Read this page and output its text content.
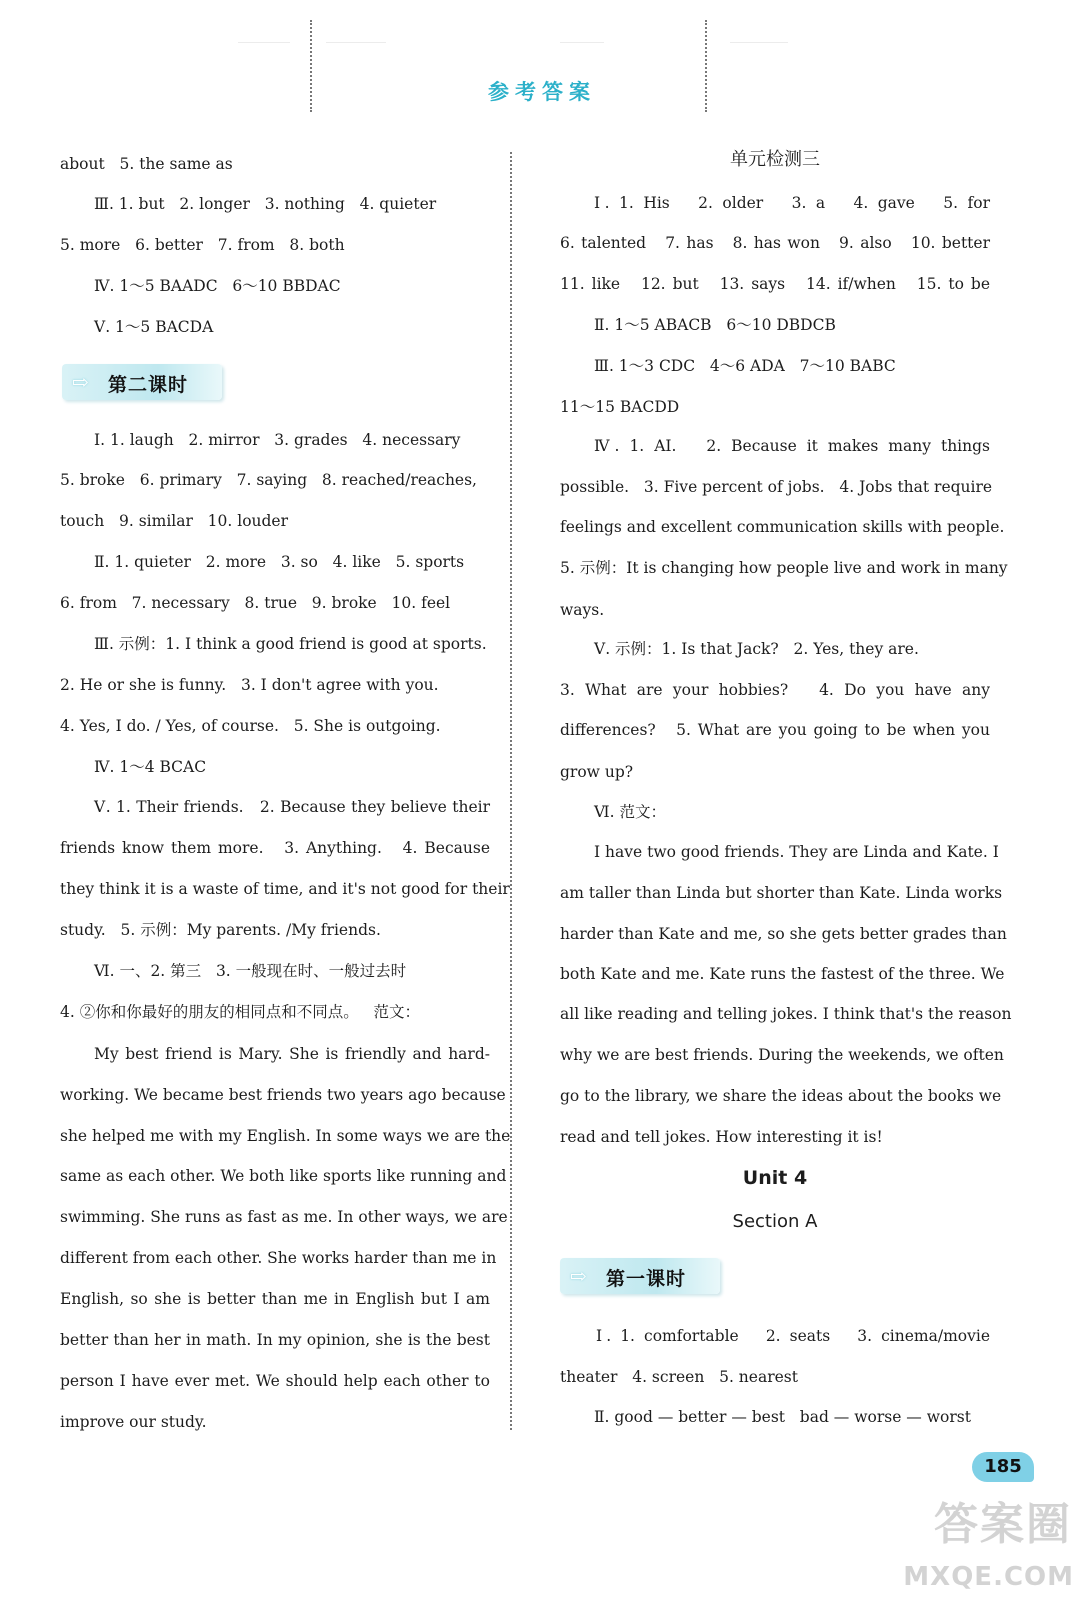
参考答案
about   5. the same as
Ⅲ. 1. but   2. longer   3. nothing   4. quieter
5. more   6. better   7. from   8. both
Ⅳ. 1～5 BAADC   6～10 BBDAC
Ⅴ. 1～5 BACDA
⇨	第二课时
Ⅰ. 1. laugh   2. mirror   3. grades   4. necessary
5. broke   6. primary   7. saying   8. reached/reaches,
touch   9. similar   10. louder
Ⅱ. 1. quieter   2. more   3. so   4. like   5. sports
6. from   7. necessary   8. true   9. broke   10. feel
Ⅲ. 示例：1. I think a good friend is good at sports.
2. He or she is funny.   3. I don't agree with you.
4. Yes, I do. / Yes, of course.   5. She is outgoing.
Ⅳ. 1～4 BCAC
Ⅴ. 1. Their friends.   2. Because they believe their
friends know them more.   3. Anything.   4. Because
they think it is a waste of time, and it's not good for their
study.   5. 示例：My parents. /My friends.
Ⅵ. 一、2. 第三   3. 一般现在时、一般过去时
4. ②你和你最好的朋友的相同点和不同点。   范文：
My best friend is Mary. She is friendly and hard-
working. We became best friends two years ago because
she helped me with my English. In some ways we are the
same as each other. We both like sports like running and
swimming. She runs as fast as me. In other ways, we are
different from each other. She works harder than me in
English, so she is better than me in English but I am
better than her in math. In my opinion, she is the best
person I have ever met. We should help each other to
improve our study.
单元检测三
Ⅰ. 1. His   2. older   3. a   4. gave   5. for
6. talented   7. has   8. has won   9. also   10. better
11. like   12. but   13. says   14. if/when   15. to be
Ⅱ. 1～5 ABACB   6～10 DBDCB
Ⅲ. 1～3 CDC   4～6 ADA   7～10 BABC
11～15 BACDD
Ⅳ. 1. AI.   2. Because it makes many things
possible.   3. Five percent of jobs.   4. Jobs that require
feelings and excellent communication skills with people.
5. 示例：It is changing how people live and work in many
ways.
Ⅴ. 示例：1. Is that Jack?   2. Yes, they are.
3. What are your hobbies?   4. Do you have any
differences?   5. What are you going to be when you
grow up?
Ⅵ. 范文：
I have two good friends. They are Linda and Kate. I
am taller than Linda but shorter than Kate. Linda works
harder than Kate and me, so she gets better grades than
both Kate and me. Kate runs the fastest of the three. We
all like reading and telling jokes. I think that's the reason
why we are best friends. During the weekends, we often
go to the library, we share the ideas about the books we
read and tell jokes. How interesting it is!
Unit 4
Section A
⇨	第一课时
Ⅰ. 1. comfortable   2. seats   3. cinema/movie
theater   4. screen   5. nearest
Ⅱ. good — better — best   bad — worse — worst
185
答案圈
MXQE.COM
